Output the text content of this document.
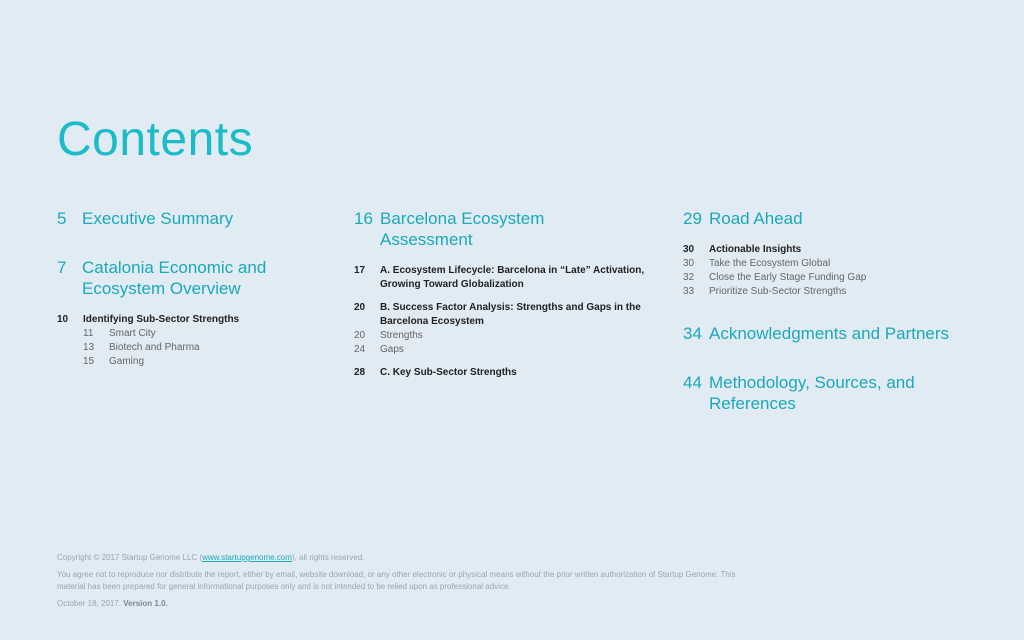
Contents
5 Executive Summary
7 Catalonia Economic and Ecosystem Overview
10	Identifying Sub-Sector Strengths
11	Smart City
13	Biotech and Pharma
15	Gaming
16 Barcelona Ecosystem Assessment
17	A. Ecosystem Lifecycle: Barcelona in “Late” Activation, Growing Toward Globalization
20	B. Success Factor Analysis: Strengths and Gaps in the Barcelona Ecosystem
20	Strengths
24	Gaps
28	C. Key Sub-Sector Strengths
29 Road Ahead
30	Actionable Insights
30	Take the Ecosystem Global
32	Close the Early Stage Funding Gap
33	Prioritize Sub-Sector Strengths
34 Acknowledgments and Partners
44 Methodology, Sources, and References

Copyright © 2017 Startup Genome LLC (www.startupgenome.com), all rights reserved.

You agree not to reproduce nor distribute the report, either by email, website download, or any other electronic or physical means without the prior written authorization of Startup Genome. This material has been prepared for general informational purposes only and is not intended to be relied upon as professional advice.

October 18, 2017. Version 1.0.
